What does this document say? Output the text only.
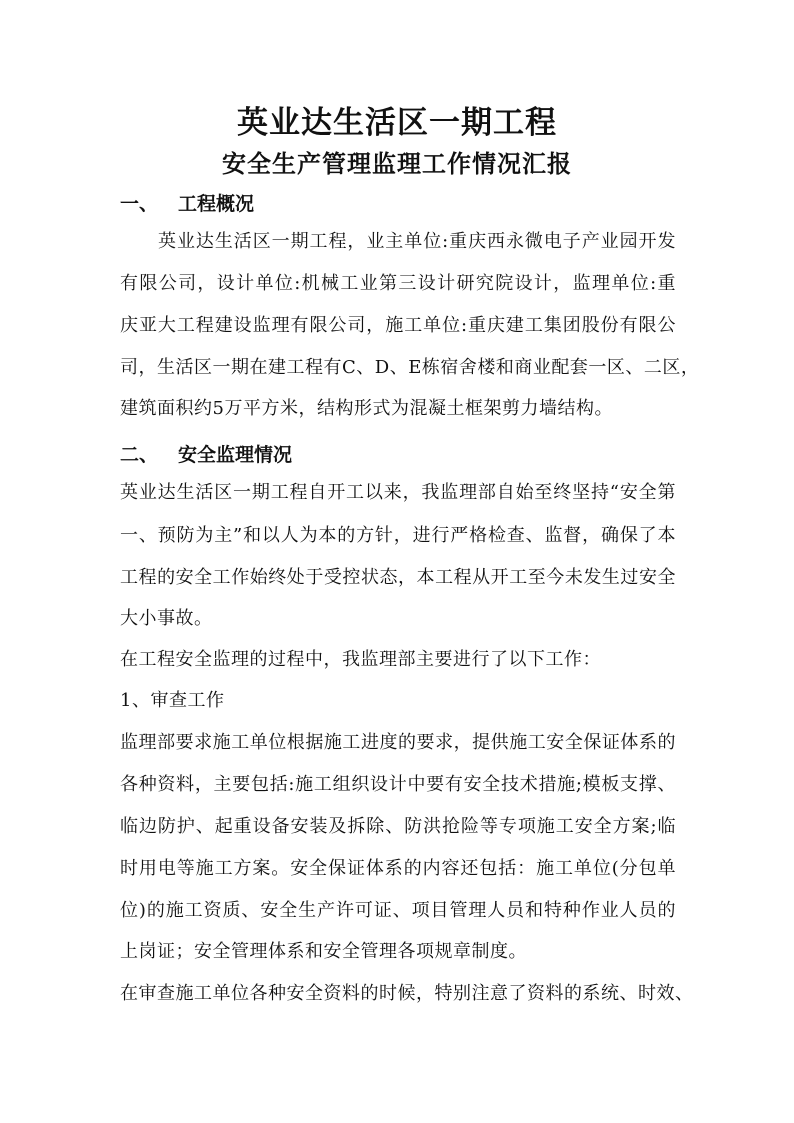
英业达生活区一期工程
安全生产管理监理工作情况汇报
一、 工程概况
英业达生活区一期工程，业主单位:重庆西永微电子产业园开发
有限公司，设计单位:机械工业第三设计研究院设计，监理单位:重
庆亚大工程建设监理有限公司，施工单位:重庆建工集团股份有限公
司，生活区一期在建工程有C、D、E栋宿舍楼和商业配套一区、二区，
建筑面积约5万平方米，结构形式为混凝土框架剪力墙结构。
二、 安全监理情况
英业达生活区一期工程自开工以来，我监理部自始至终坚持“安全第
一、预防为主”和以人为本的方针，进行严格检查、监督，确保了本
工程的安全工作始终处于受控状态，本工程从开工至今未发生过安全
大小事故。
在工程安全监理的过程中，我监理部主要进行了以下工作：
1、审查工作
监理部要求施工单位根据施工进度的要求，提供施工安全保证体系的
各种资料，主要包括:施工组织设计中要有安全技术措施;模板支撑、
临边防护、起重设备安装及拆除、防洪抢险等专项施工安全方案;临
时用电等施工方案。安全保证体系的内容还包括：施工单位(分包单
位)的施工资质、安全生产许可证、项目管理人员和特种作业人员的
上岗证；安全管理体系和安全管理各项规章制度。
在审查施工单位各种安全资料的时候，特别注意了资料的系统、时效、
